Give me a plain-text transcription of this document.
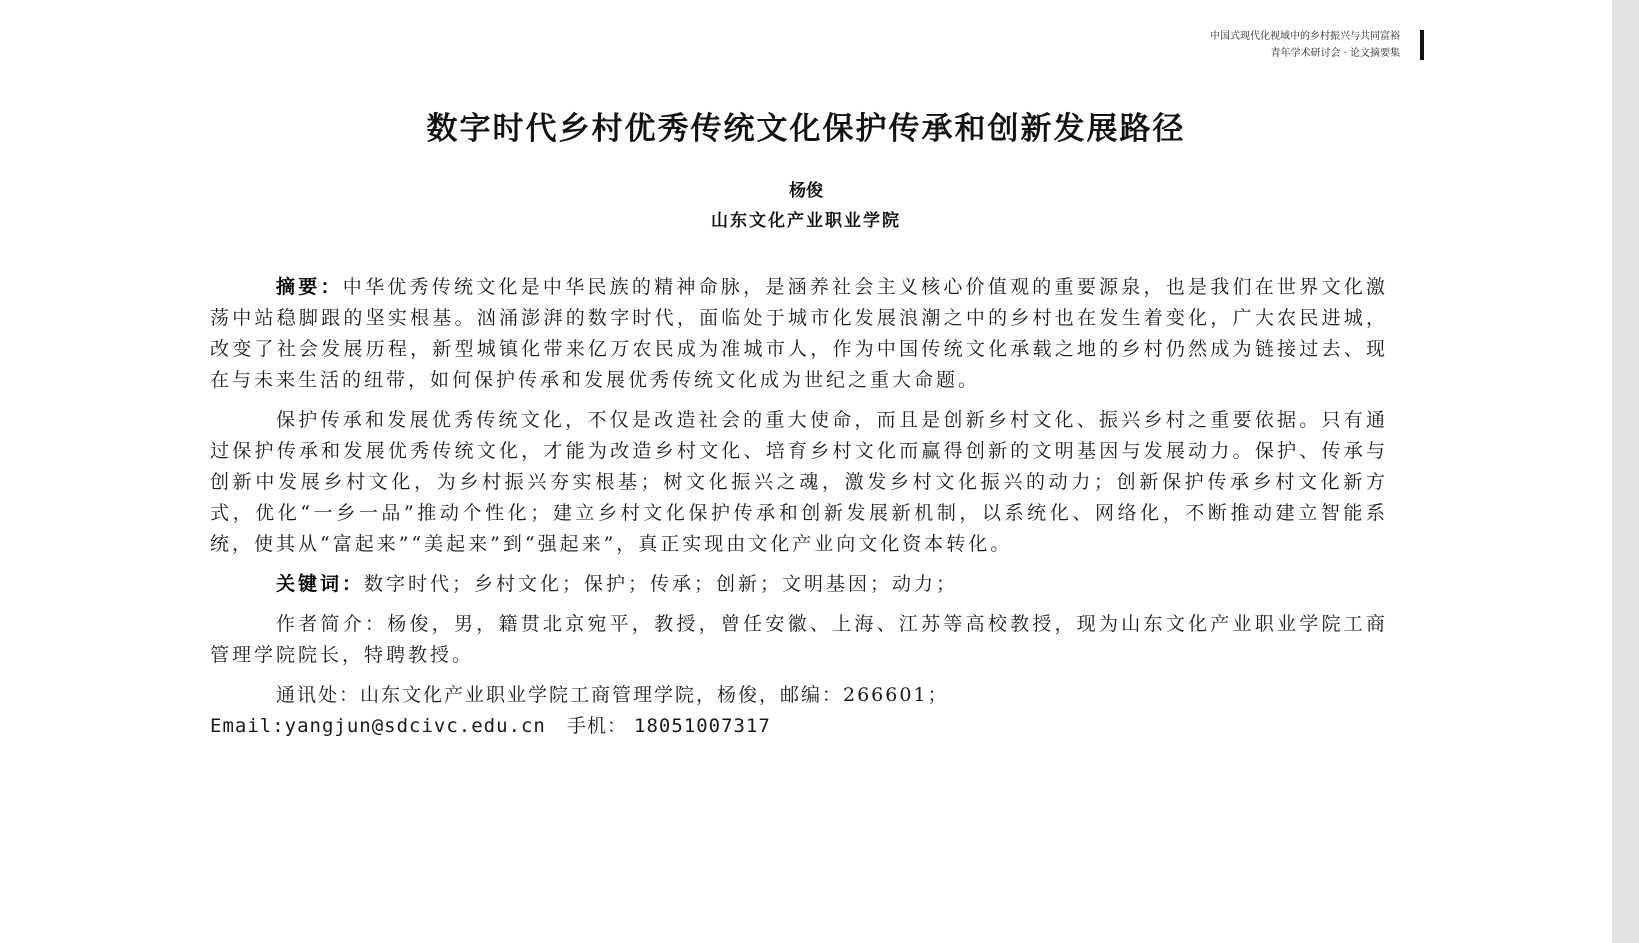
中国式现代化视域中的乡村振兴与共同富裕
青年学术研讨会 · 论文摘要集
数字时代乡村优秀传统文化保护传承和创新发展路径
杨俊
山东文化产业职业学院

摘要：中华优秀传统文化是中华民族的精神命脉，是涵养社会主义核心价值观的重要源泉，也是我们在世界文化激荡中站稳脚跟的坚实根基。汹涌澎湃的数字时代，面临处于城市化发展浪潮之中的乡村也在发生着变化，广大农民进城，改变了社会发展历程，新型城镇化带来亿万农民成为准城市人，作为中国传统文化承载之地的乡村仍然成为链接过去、现在与未来生活的纽带，如何保护传承和发展优秀传统文化成为世纪之重大命题。

保护传承和发展优秀传统文化，不仅是改造社会的重大使命，而且是创新乡村文化、振兴乡村之重要依据。只有通过保护传承和发展优秀传统文化，才能为改造乡村文化、培育乡村文化而赢得创新的文明基因与发展动力。保护、传承与创新中发展乡村文化，为乡村振兴夯实根基；树文化振兴之魂，激发乡村文化振兴的动力；创新保护传承乡村文化新方式，优化“一乡一品”推动个性化；建立乡村文化保护传承和创新发展新机制，以系统化、网络化，不断推动建立智能系统，使其从“富起来”“美起来”到“强起来”，真正实现由文化产业向文化资本转化。

关键词：数字时代；乡村文化；保护；传承；创新；文明基因；动力；

作者简介：杨俊，男，籍贯北京宛平，教授，曾任安徽、上海、江苏等高校教授，现为山东文化产业职业学院工商管理学院院长，特聘教授。

通讯处：山东文化产业职业学院工商管理学院，杨俊，邮编：266601；

Email:yangjun@sdcivc.edu.cn 手机： 18051007317
